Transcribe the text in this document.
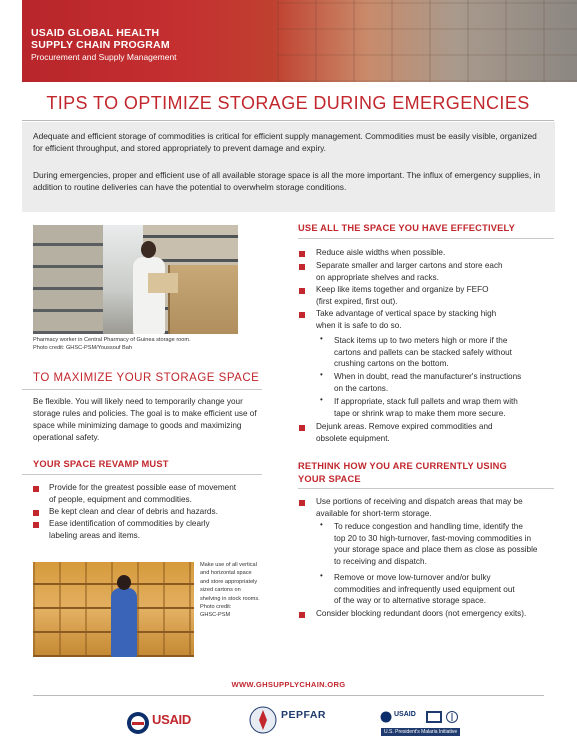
USAID GLOBAL HEALTH
SUPPLY CHAIN PROGRAM
Procurement and Supply Management
TIPS TO OPTIMIZE STORAGE DURING EMERGENCIES

Adequate and efficient storage of commodities is critical for efficient supply management. Commodities must be easily visible, organized for efficient throughput, and stored appropriately to prevent damage and expiry.

During emergencies, proper and efficient use of all available storage space is all the more important. The influx of emergency supplies, in addition to routine deliveries can have the potential to overwhelm storage conditions.

Pharmacy worker in Central Pharmacy of Guinea storage room.
Photo credit: GHSC-PSM/Youssouf Bah
TO MAXIMIZE YOUR STORAGE SPACE
Be flexible. You will likely need to temporarily change your storage rules and policies. The goal is to make efficient use of space while minimizing damage to goods and maximizing operational safety.
YOUR SPACE REVAMP MUST
Provide for the greatest possible ease of movement
of people, equipment and commodities.
Be kept clean and clear of debris and hazards.
Ease identification of commodities by clearly
labeling areas and items.
Make use of all vertical
and horizontal space
and store appropriately
sized cartons on
shelving in stock rooms.
Photo credit:
GHSC-PSM
USE ALL THE SPACE YOU HAVE EFFECTIVELY
Reduce aisle widths when possible.
Separate smaller and larger cartons and store each
on appropriate shelves and racks.
Keep like items together and organize by FEFO
(first expired, first out).
Take advantage of vertical space by stacking high
when it is safe to do so.
• Stack items up to two meters high or more if the
cartons and pallets can be stacked safely without
crushing cartons on the bottom.
• When in doubt, read the manufacturer's instructions
on the cartons.
• If appropriate, stack full pallets and wrap them with
tape or shrink wrap to make them more secure.
Dejunk areas. Remove expired commodities and
obsolete equipment.
RETHINK HOW YOU ARE CURRENTLY USING
YOUR SPACE
Use portions of receiving and dispatch areas that may be
available for short-term storage.
• To reduce congestion and handling time, identify the
top 20 to 30 high-turnover, fast-moving commodities in
your storage space and place them as close as possible
to receiving and dispatch.
• Remove or move low-turnover and/or bulky
commodities and infrequently used equipment out
of the way or to alternative storage space.
Consider blocking redundant doors (not emergency exits).
WWW.GHSUPPLYCHAIN.ORG
USAID	PEPFAR	USAID
U.S. President's Malaria Initiative
